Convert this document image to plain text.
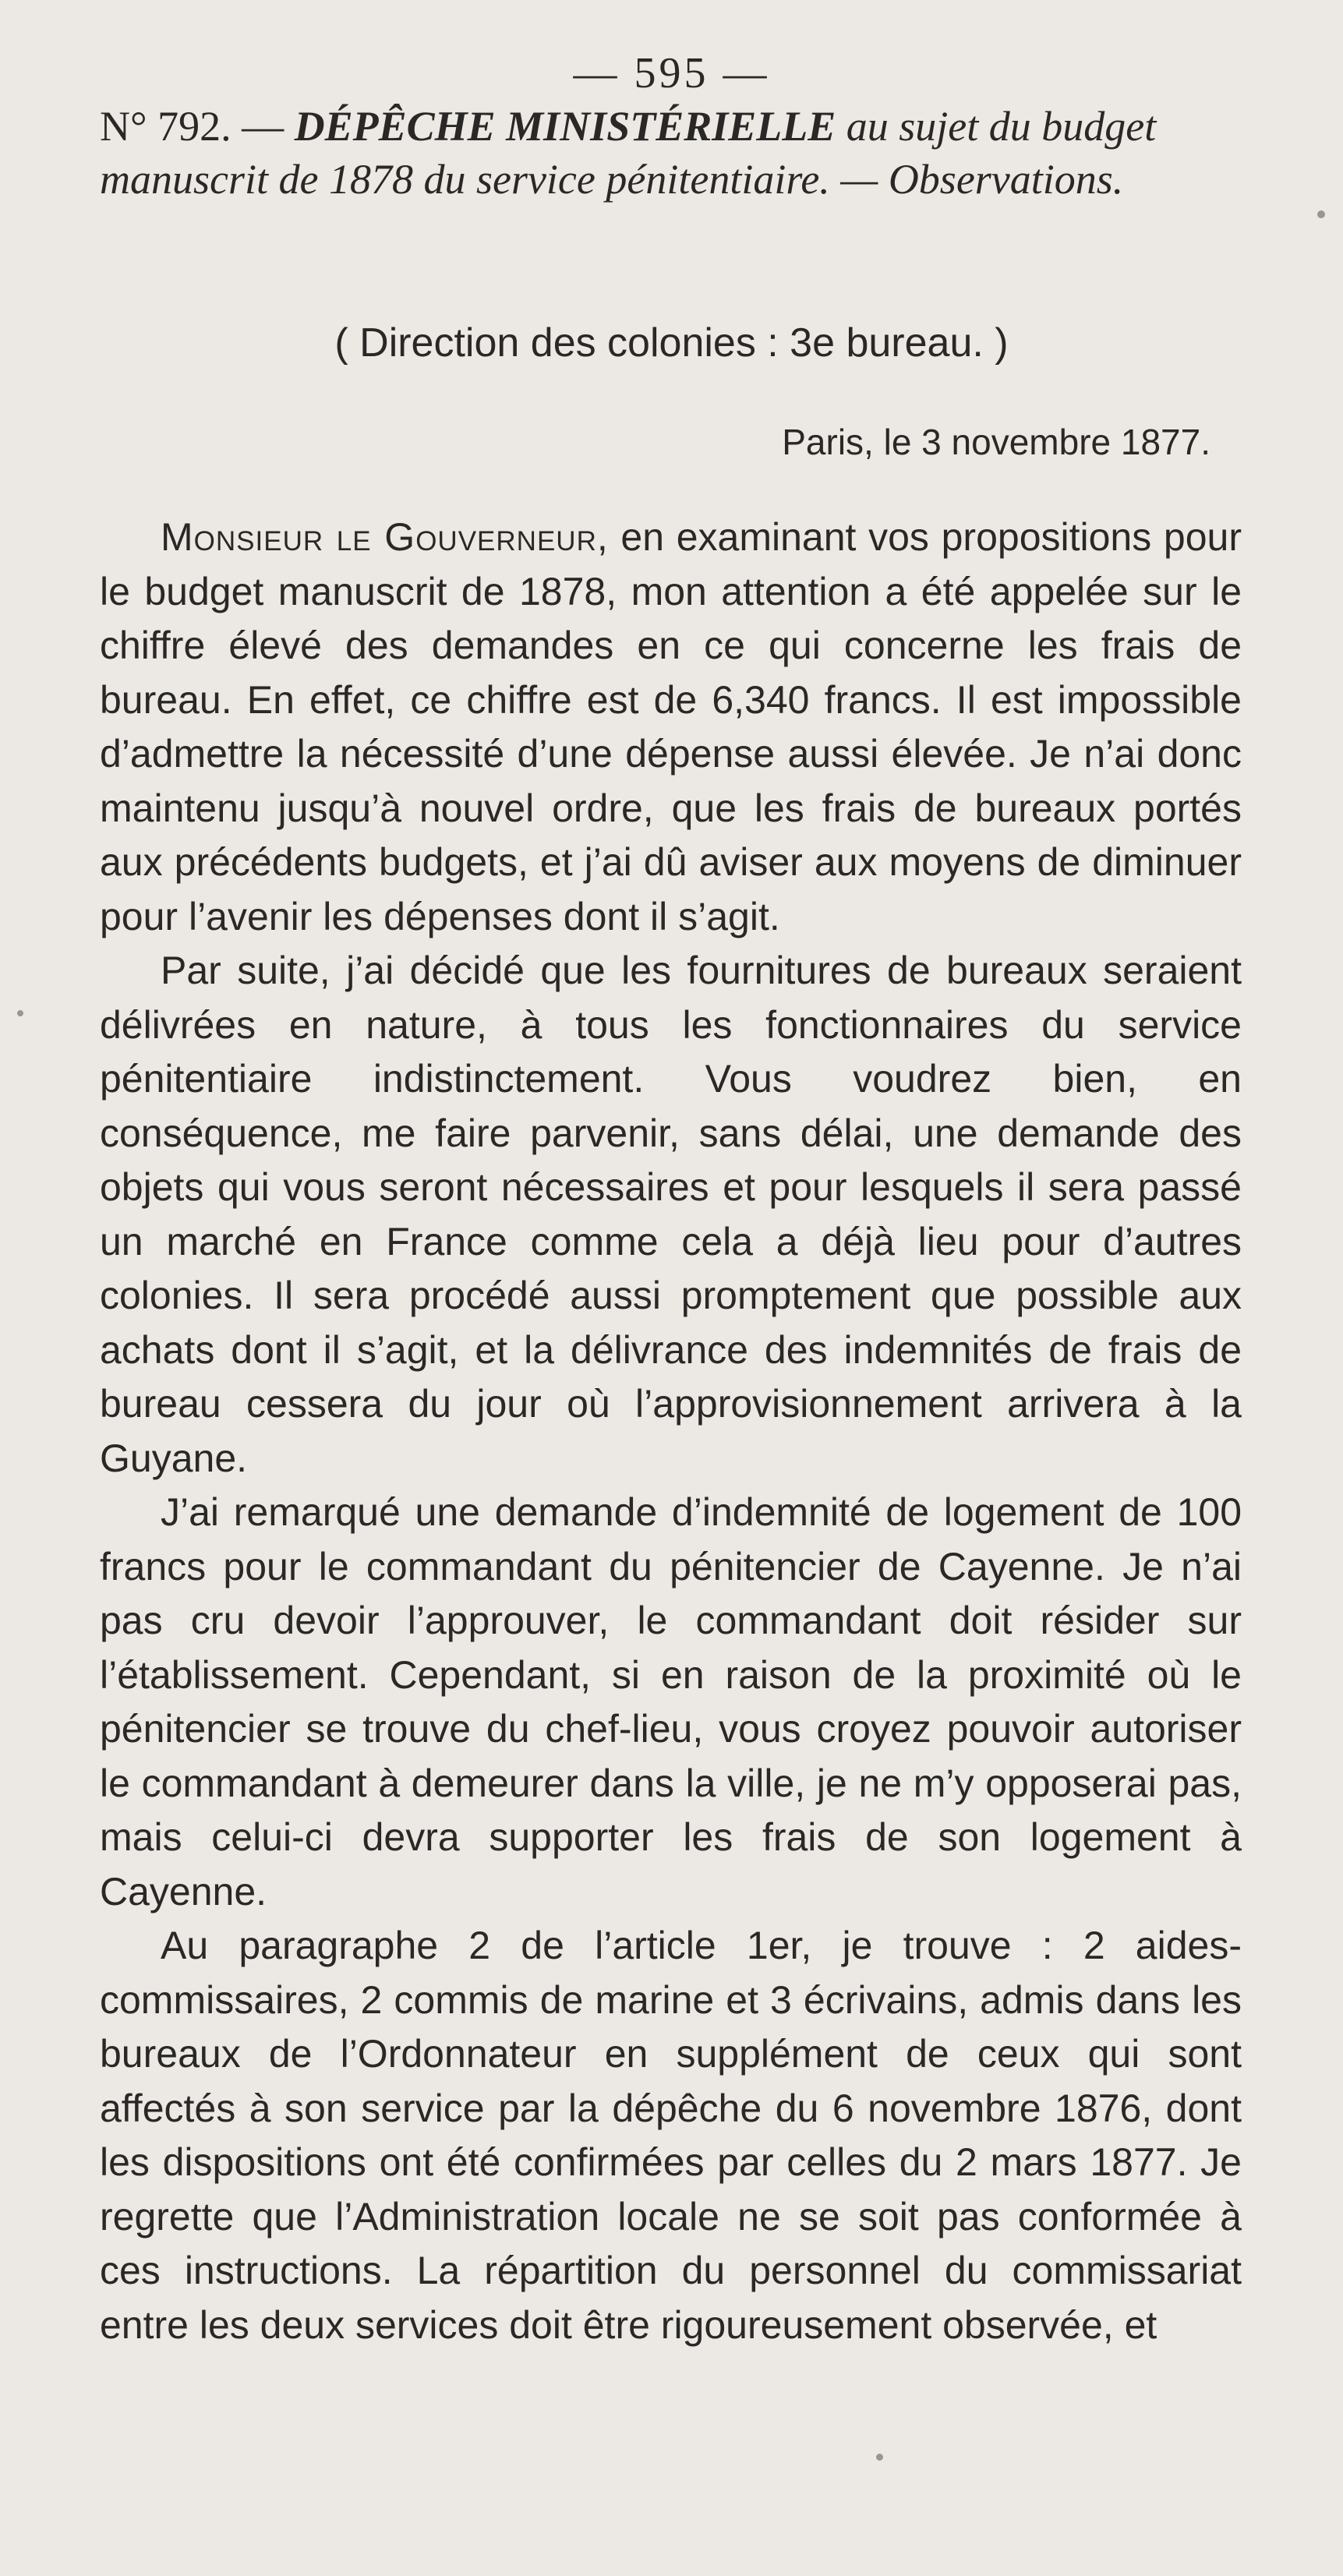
— 595 —
N° 792. — DÉPÊCHE MINISTÉRIELLE au sujet du budget manuscrit de 1878 du service pénitentiaire. — Observations.
( Direction des colonies : 3e bureau. )
Paris, le 3 novembre 1877.

Monsieur le Gouverneur, en examinant vos propositions pour le budget manuscrit de 1878, mon attention a été appelée sur le chiffre élevé des demandes en ce qui concerne les frais de bureau. En effet, ce chiffre est de 6,340 francs. Il est impossible d’admettre la nécessité d’une dépense aussi élevée. Je n’ai donc maintenu jusqu’à nouvel ordre, que les frais de bureaux portés aux précédents budgets, et j’ai dû aviser aux moyens de diminuer pour l’avenir les dépenses dont il s’agit.

Par suite, j’ai décidé que les fournitures de bureaux seraient délivrées en nature, à tous les fonctionnaires du service pénitentiaire indistinctement. Vous voudrez bien, en conséquence, me faire parvenir, sans délai, une demande des objets qui vous seront nécessaires et pour lesquels il sera passé un marché en France comme cela a déjà lieu pour d’autres colonies. Il sera procédé aussi promptement que possible aux achats dont il s’agit, et la délivrance des indemnités de frais de bureau cessera du jour où l’approvisionnement arrivera à la Guyane.

J’ai remarqué une demande d’indemnité de logement de 100 francs pour le commandant du pénitencier de Cayenne. Je n’ai pas cru devoir l’approuver, le commandant doit résider sur l’établissement. Cependant, si en raison de la proximité où le pénitencier se trouve du chef-lieu, vous croyez pouvoir autoriser le commandant à demeurer dans la ville, je ne m’y opposerai pas, mais celui-ci devra supporter les frais de son logement à Cayenne.

Au paragraphe 2 de l’article 1er, je trouve : 2 aides-commissaires, 2 commis de marine et 3 écrivains, admis dans les bureaux de l’Ordonnateur en supplément de ceux qui sont affectés à son service par la dépêche du 6 novembre 1876, dont les dispositions ont été confirmées par celles du 2 mars 1877. Je regrette que l’Administration locale ne se soit pas conformée à ces instructions. La répartition du personnel du commissariat entre les deux services doit être rigoureusement observée, et
